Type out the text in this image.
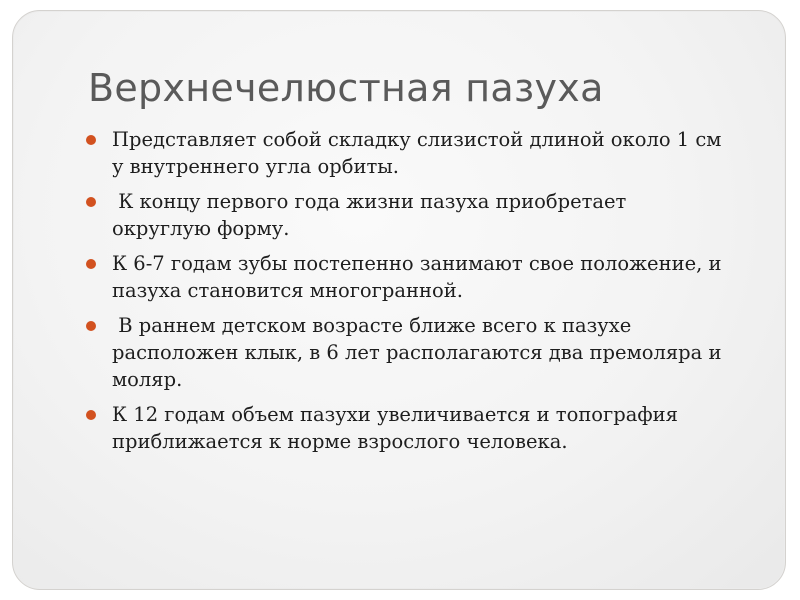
Верхнечелюстная пазуха
Представляет собой складку слизистой длиной около 1 см у внутреннего угла орбиты.
К концу первого года жизни пазуха приобретает округлую форму.
К 6-7 годам зубы постепенно занимают свое положение, и пазуха становится многогранной.
В раннем детском возрасте ближе всего к пазухе расположен клык, в 6 лет располагаются два премоляра и моляр.
К 12 годам объем пазухи увеличивается и топография приближается к норме взрослого человека.
